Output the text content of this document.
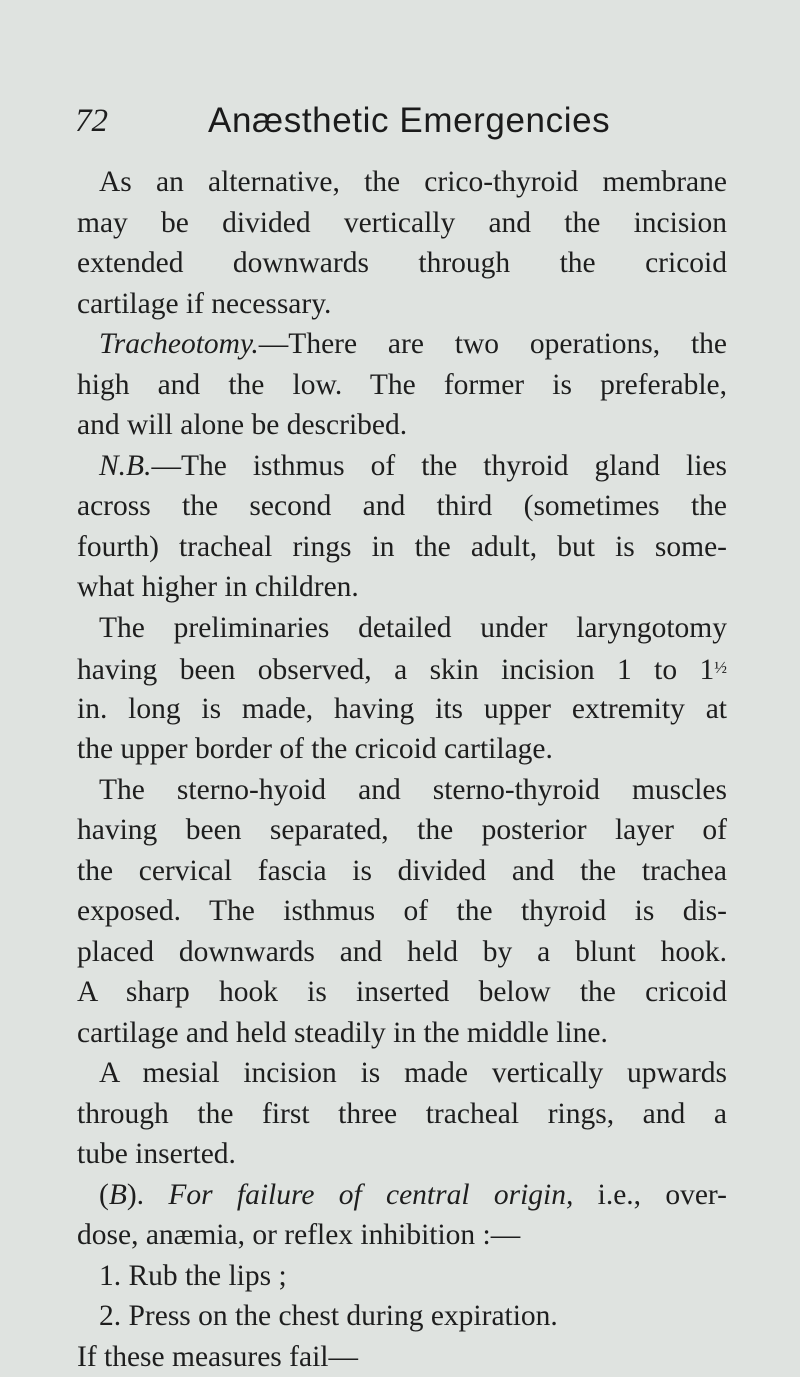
72	Anæsthetic Emergencies
As an alternative, the crico-thyroid membrane
may be divided vertically and the incision
extended downwards through the cricoid
cartilage if necessary.
Tracheotomy.—There are two operations, the
high and the low. The former is preferable,
and will alone be described.
N.B.—The isthmus of the thyroid gland lies
across the second and third (sometimes the
fourth) tracheal rings in the adult, but is some-
what higher in children.
The preliminaries detailed under laryngotomy
having been observed, a skin incision 1 to $1^{\frac{1}{2}}$
in. long is made, having its upper extremity at
the upper border of the cricoid cartilage.
The sterno-hyoid and sterno-thyroid muscles
having been separated, the posterior layer of
the cervical fascia is divided and the trachea
exposed. The isthmus of the thyroid is dis-
placed downwards and held by a blunt hook.
A sharp hook is inserted below the cricoid
cartilage and held steadily in the middle line.
A mesial incision is made vertically upwards
through the first three tracheal rings, and a
tube inserted.
(B). For failure of central origin, i.e., over-
dose, anæmia, or reflex inhibition :—
1. Rub the lips ;
2. Press on the chest during expiration.
If these measures fail—
